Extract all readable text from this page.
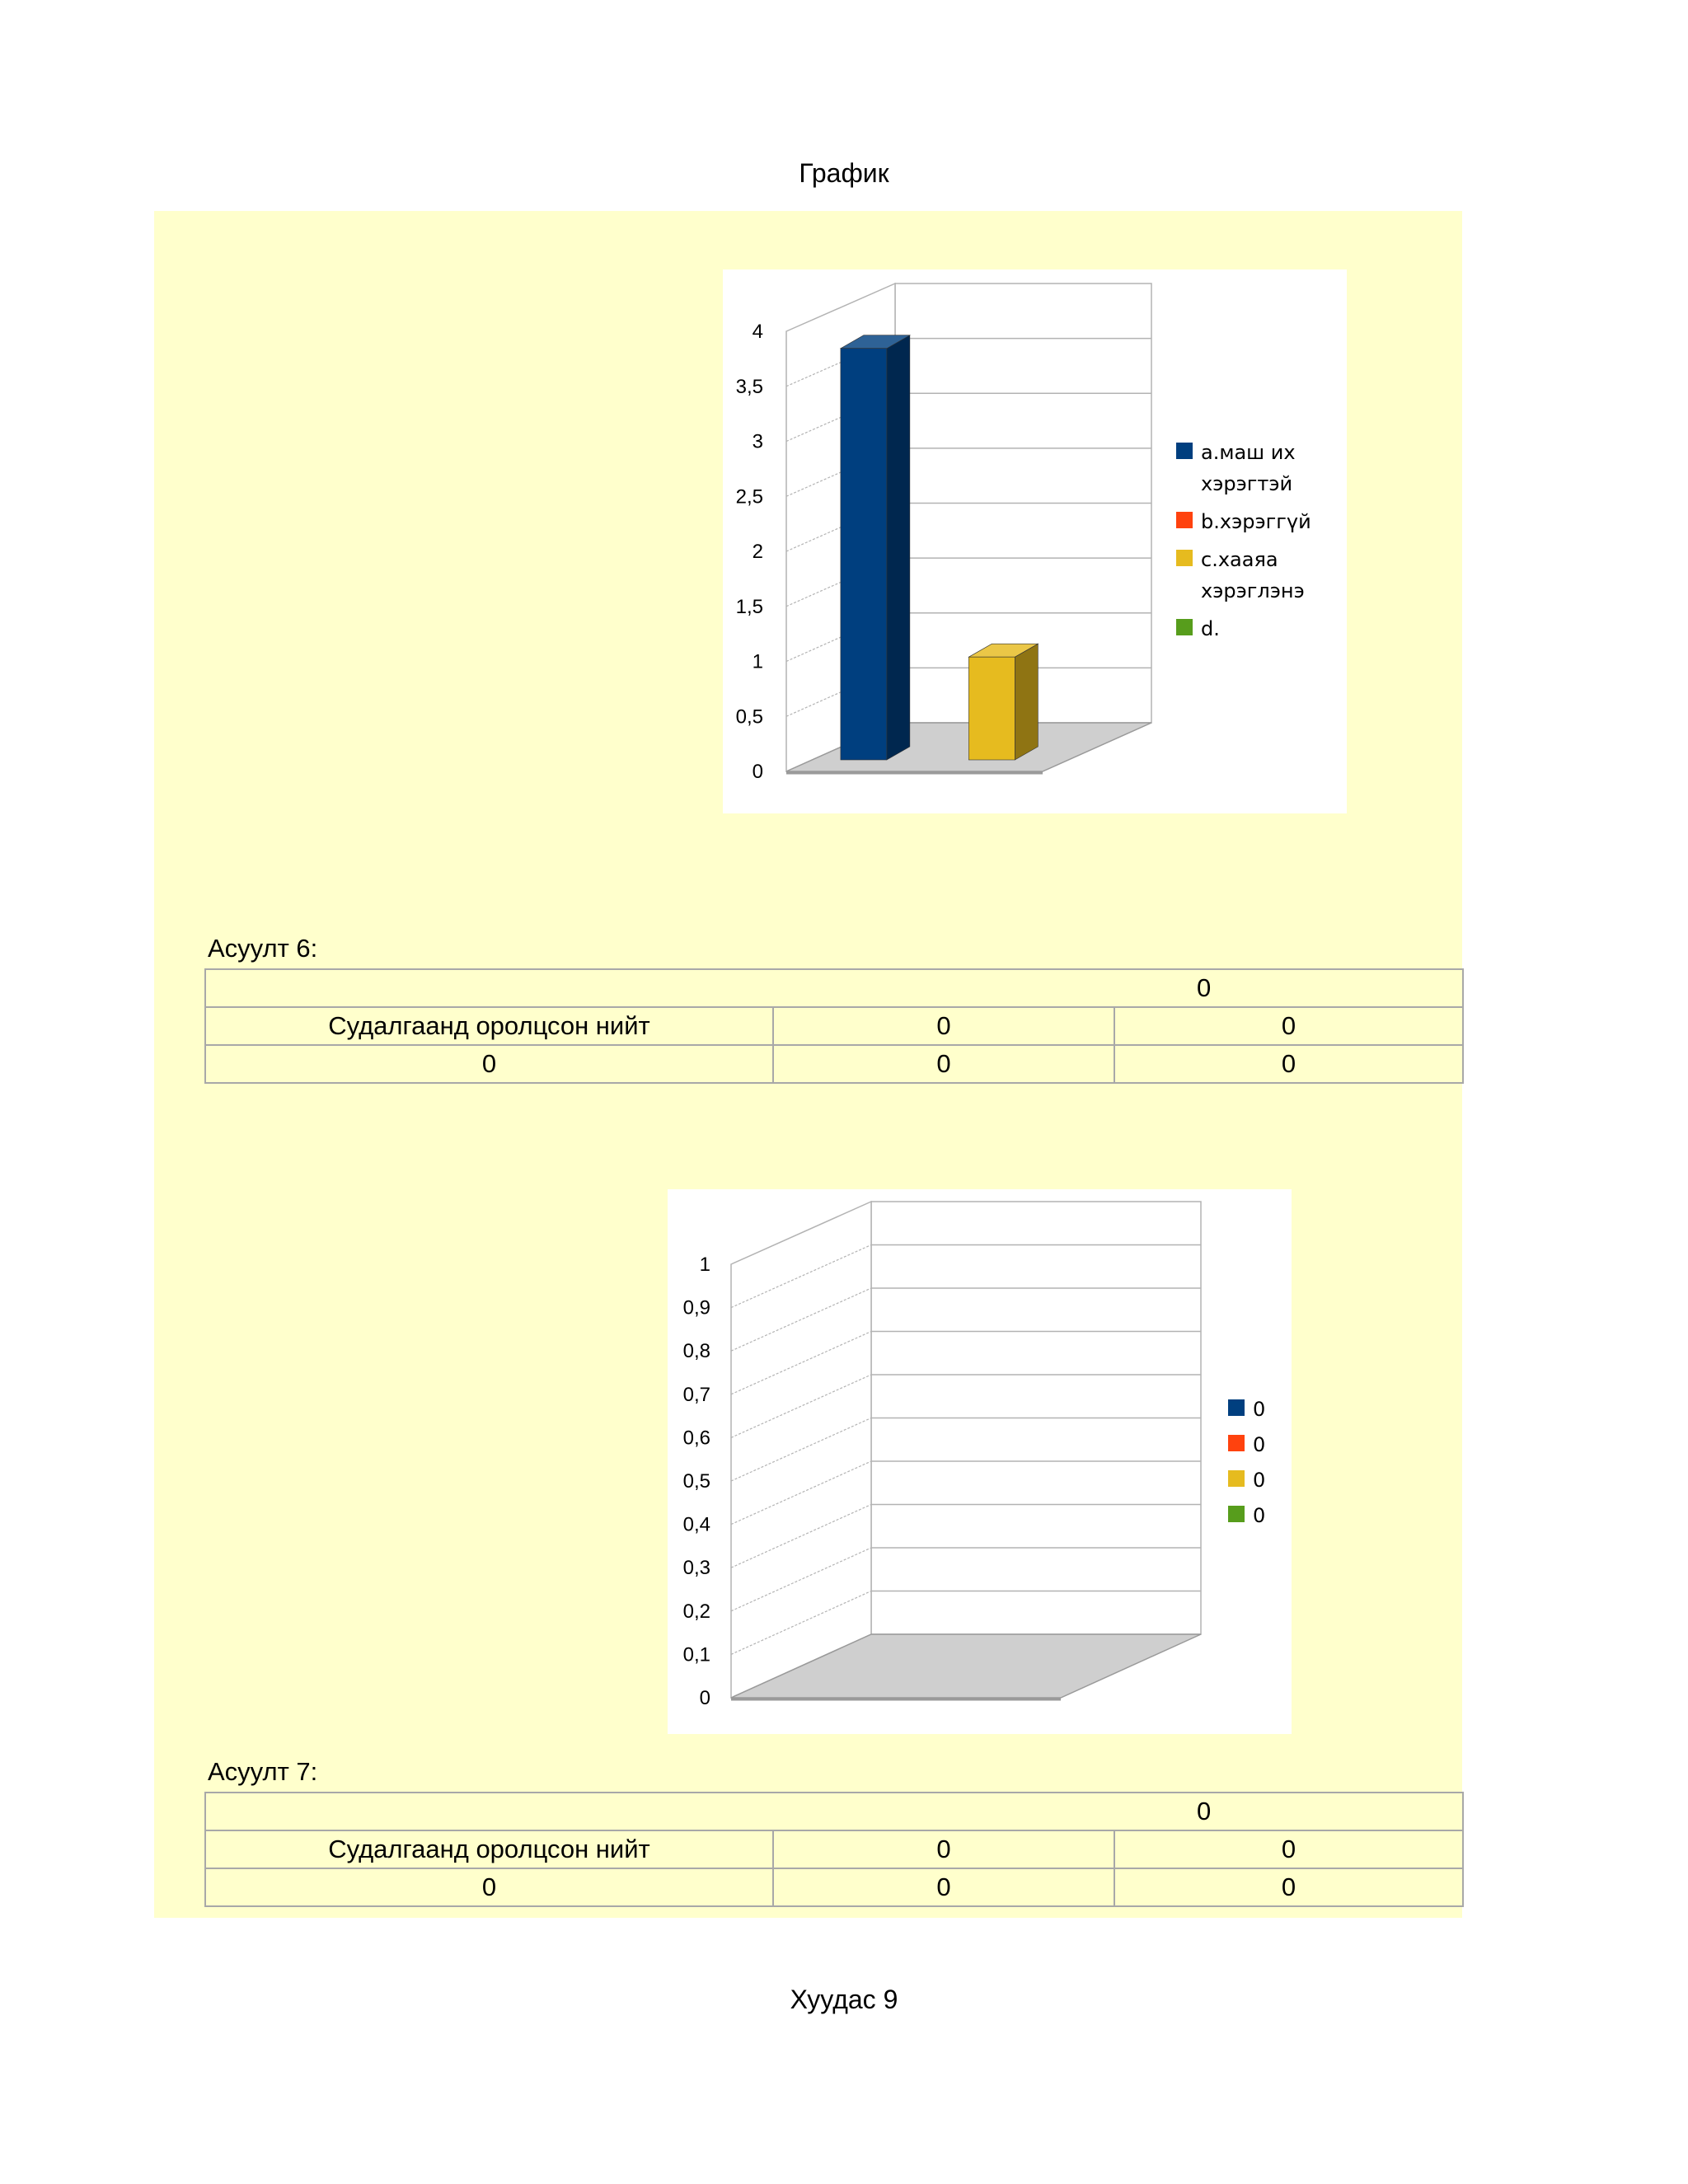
График
0
0,5
1
1,5
2
2,5
3
3,5
4
a.маш их хэрэгтэй
b.хэрэггүй
c.хааяа хэрэглэнэ
d.
Асуулт 6:
0		
Судалгаанд оролцсон нийт	0	0
0	0	0
0
0,1
0,2
0,3
0,4
0,5
0,6
0,7
0,8
0,9
1
0
0
0
0
Асуулт 7:
0		
Судалгаанд оролцсон нийт	0	0
0	0	0
Хуудас 9
